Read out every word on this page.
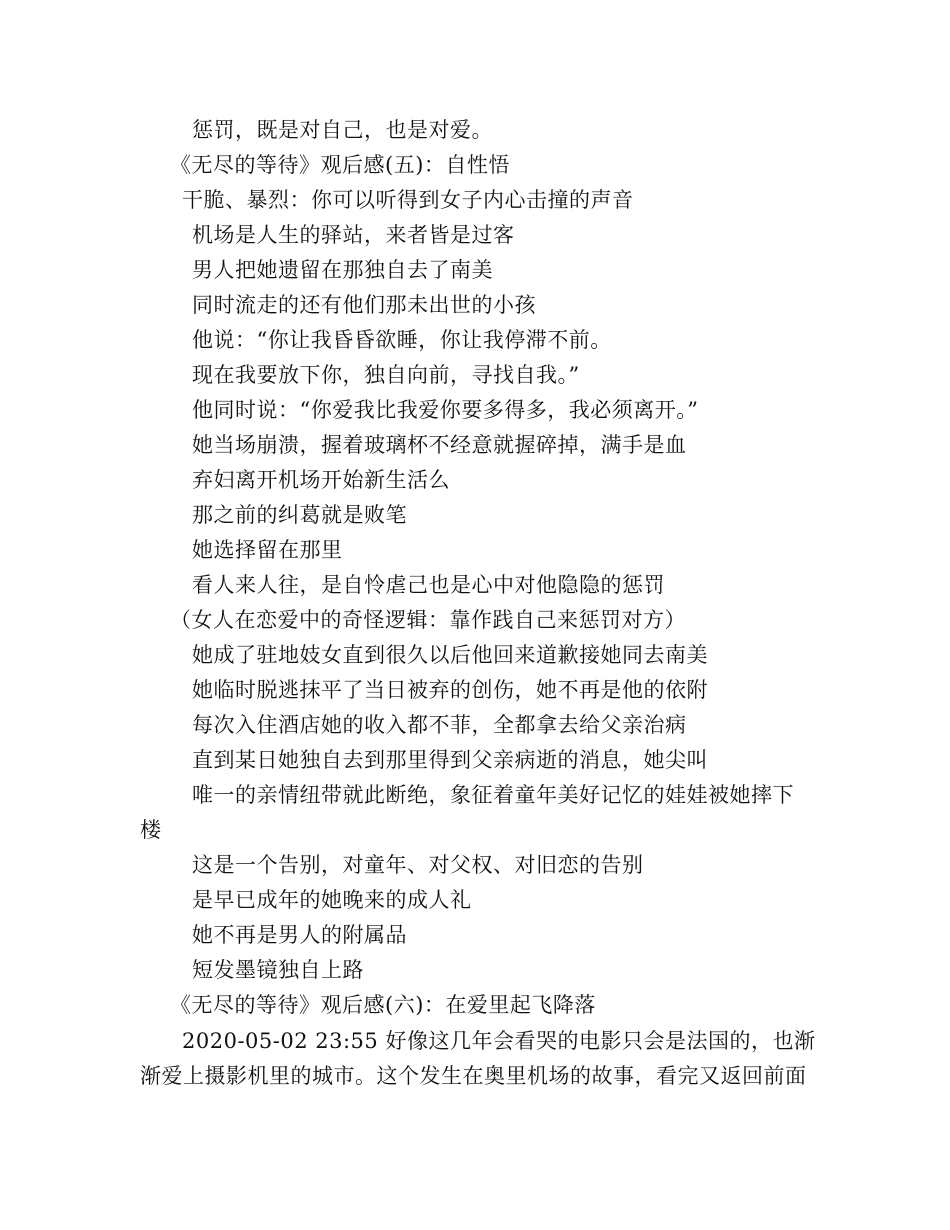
惩罚，既是对自己，也是对爱。
《无尽的等待》观后感(五)：自性悟
干脆、暴烈：你可以听得到女子内心击撞的声音
机场是人生的驿站，来者皆是过客
男人把她遗留在那独自去了南美
同时流走的还有他们那未出世的小孩
他说：“你让我昏昏欲睡，你让我停滞不前。
现在我要放下你，独自向前，寻找自我。”
他同时说：“你爱我比我爱你要多得多，我必须离开。”
她当场崩溃，握着玻璃杯不经意就握碎掉，满手是血
弃妇离开机场开始新生活么
那之前的纠葛就是败笔
她选择留在那里
看人来人往，是自怜虐己也是心中对他隐隐的惩罚
（女人在恋爱中的奇怪逻辑：靠作践自己来惩罚对方）
她成了驻地妓女直到很久以后他回来道歉接她同去南美
她临时脱逃抹平了当日被弃的创伤，她不再是他的依附
每次入住酒店她的收入都不菲，全都拿去给父亲治病
直到某日她独自去到那里得到父亲病逝的消息，她尖叫
唯一的亲情纽带就此断绝，象征着童年美好记忆的娃娃被她摔下
楼
这是一个告别，对童年、对父权、对旧恋的告别
是早已成年的她晚来的成人礼
她不再是男人的附属品
短发墨镜独自上路
《无尽的等待》观后感(六)：在爱里起飞降落
2020-05-02 23:55 好像这几年会看哭的电影只会是法国的，也渐
渐爱上摄影机里的城市。这个发生在奥里机场的故事，看完又返回前面
